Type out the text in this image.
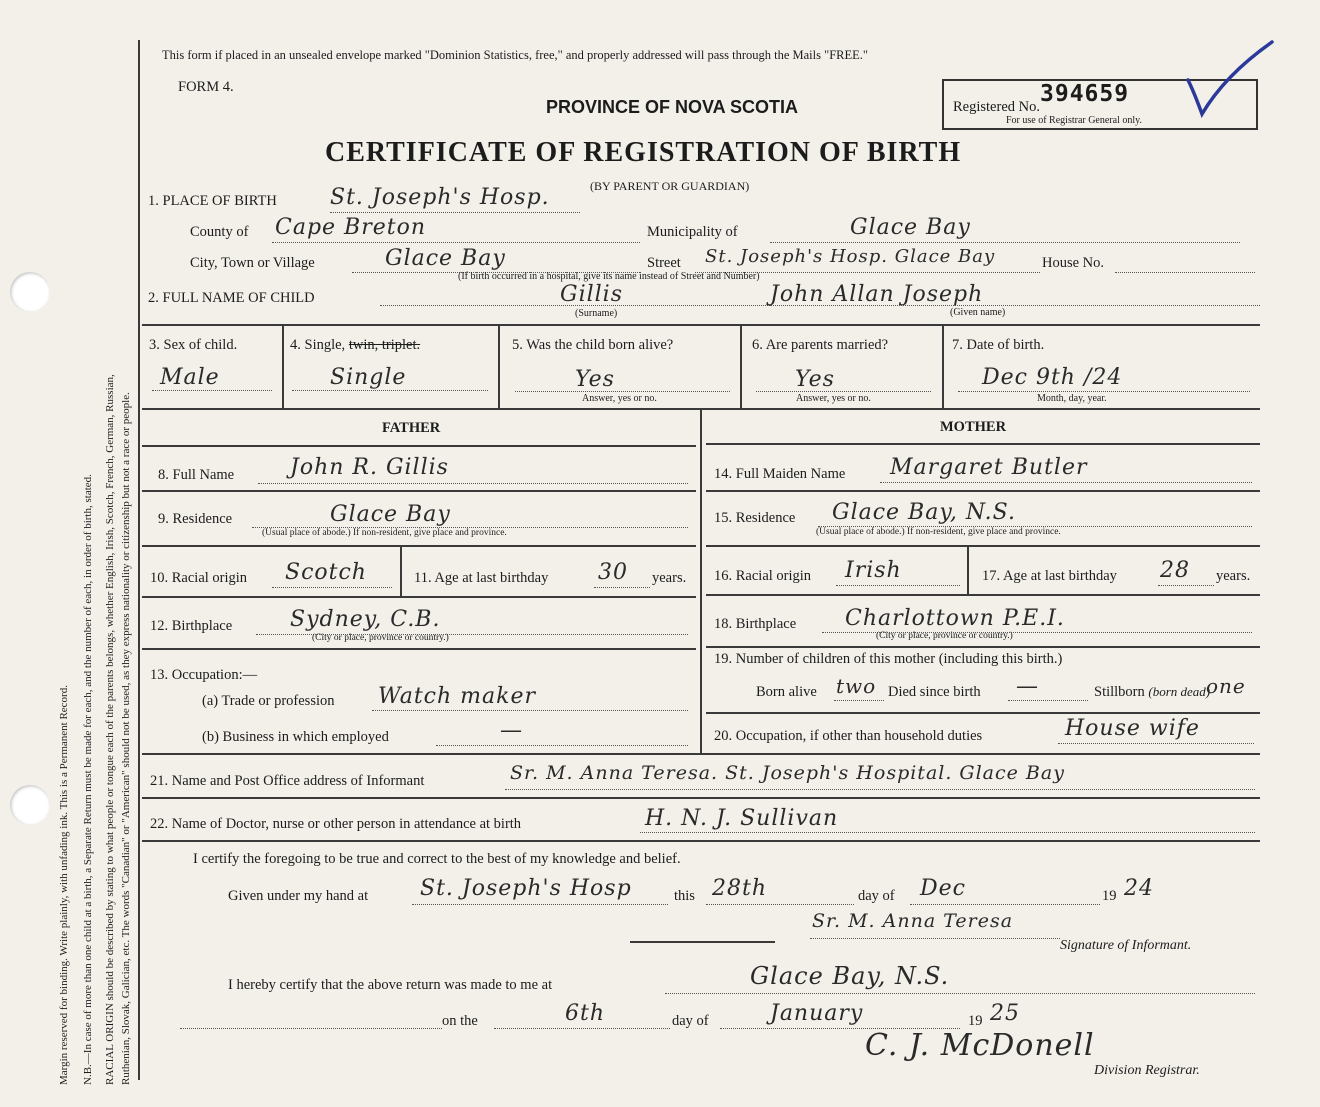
Margin reserved for binding. Write plainly, with unfading ink. This is a Permanent Record. N.B.—In case of more than one child at a birth, a Separate Return must be made for each, and the number of each, in order of birth, stated. RACIAL ORIGIN should be described by stating to what people or tongue each of the parents belongs, whether English, Irish, Scotch, French, German, Russian, Ruthenian, Slovak, Galician, etc. The words "Canadian" or "American" should not be used, as they express nationality or citizenship but not a race or people.
This form if placed in an unsealed envelope marked "Dominion Statistics, free," and properly addressed will pass through the Mails "FREE."
FORM 4.
PROVINCE OF NOVA SCOTIA
CERTIFICATE OF REGISTRATION OF BIRTH
(BY PARENT OR GUARDIAN)
Registered No. 394659
For use of Registrar General only.
1. PLACE OF BIRTH St. Joseph's Hosp.
County of Cape Breton	Municipality of	Glace Bay
City, Town or Village	Glace Bay	Street St. Joseph's Hosp. Glace Bay	House No.
(If birth occurred in a hospital, give its name instead of Street and Number)
2. FULL NAME OF CHILD	Gillis
(Surname)
John Allan Joseph
(Given name)
3. Sex of child.
Male
4. Single, twin, triplet.
Single
5. Was the child born alive?
Yes
Answer, yes or no.
6. Are parents married?
Yes
Answer, yes or no.
7. Date of birth.
Dec 9th /24
Month, day, year.
FATHER	MOTHER
8. Full Name	John R. Gillis
9. Residence	Glace Bay
(Usual place of abode.) If non-resident, give place and province.
10. Racial origin Scotch	11. Age at last birthday 30 years.
12. Birthplace	Sydney, C.B.
(City or place, province or country.)
13. Occupation:—
(a) Trade or profession Watch maker
(b) Business in which employed	—
14. Full Maiden Name Margaret Butler
15. Residence Glace Bay, N.S.
(Usual place of abode.) If non-resident, give place and province.
16. Racial origin Irish	17. Age at last birthday 28 years.
18. Birthplace Charlottown P.E.I.
(City or place, province or country.)
19. Number of children of this mother (including this birth.)
Born alive two Died since birth —	Stillborn (born dead)
one
20. Occupation, if other than household duties	House wife
21. Name and Post Office address of Informant	Sr. M. Anna Teresa. St. Joseph's Hospital. Glace Bay
22. Name of Doctor, nurse or other person in attendance at birth	H. N. J. Sullivan
I certify the foregoing to be true and correct to the best of my knowledge and belief.
Given under my hand at St. Joseph's Hosp	this 28th	day of Dec	19 24
Sr. M. Anna Teresa
Signature of Informant.
I hereby certify that the above return was made to me at	Glace Bay, N.S.
on the	6th	day of	January	19 25
C. J. McDonell
Division Registrar.
